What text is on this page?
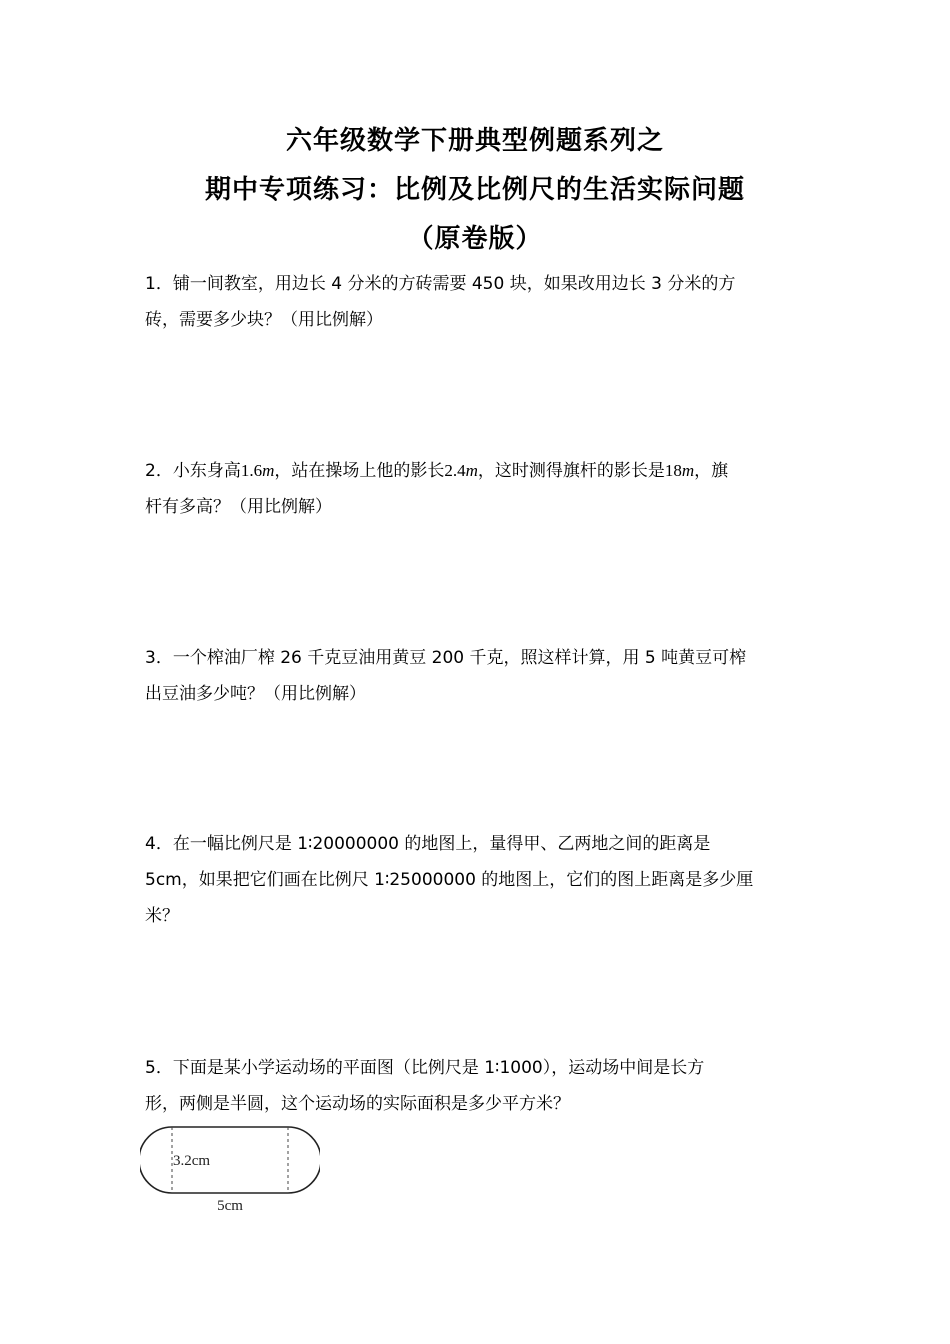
六年级数学下册典型例题系列之
期中专项练习：比例及比例尺的生活实际问题
（原卷版）
1．铺一间教室，用边长 4 分米的方砖需要 450 块，如果改用边长 3 分米的方
砖，需要多少块？（用比例解）
2．小东身高1.6m，站在操场上他的影长2.4m，这时测得旗杆的影长是18m，旗
杆有多高？（用比例解）
3．一个榨油厂榨 26 千克豆油用黄豆 200 千克，照这样计算，用 5 吨黄豆可榨
出豆油多少吨？（用比例解）
4．在一幅比例尺是 1∶20000000 的地图上，量得甲、乙两地之间的距离是
5cm，如果把它们画在比例尺 1∶25000000 的地图上，它们的图上距离是多少厘
米？
5．下面是某小学运动场的平面图（比例尺是 1∶1000），运动场中间是长方
形，两侧是半圆，这个运动场的实际面积是多少平方米？
3.2cm
5cm
